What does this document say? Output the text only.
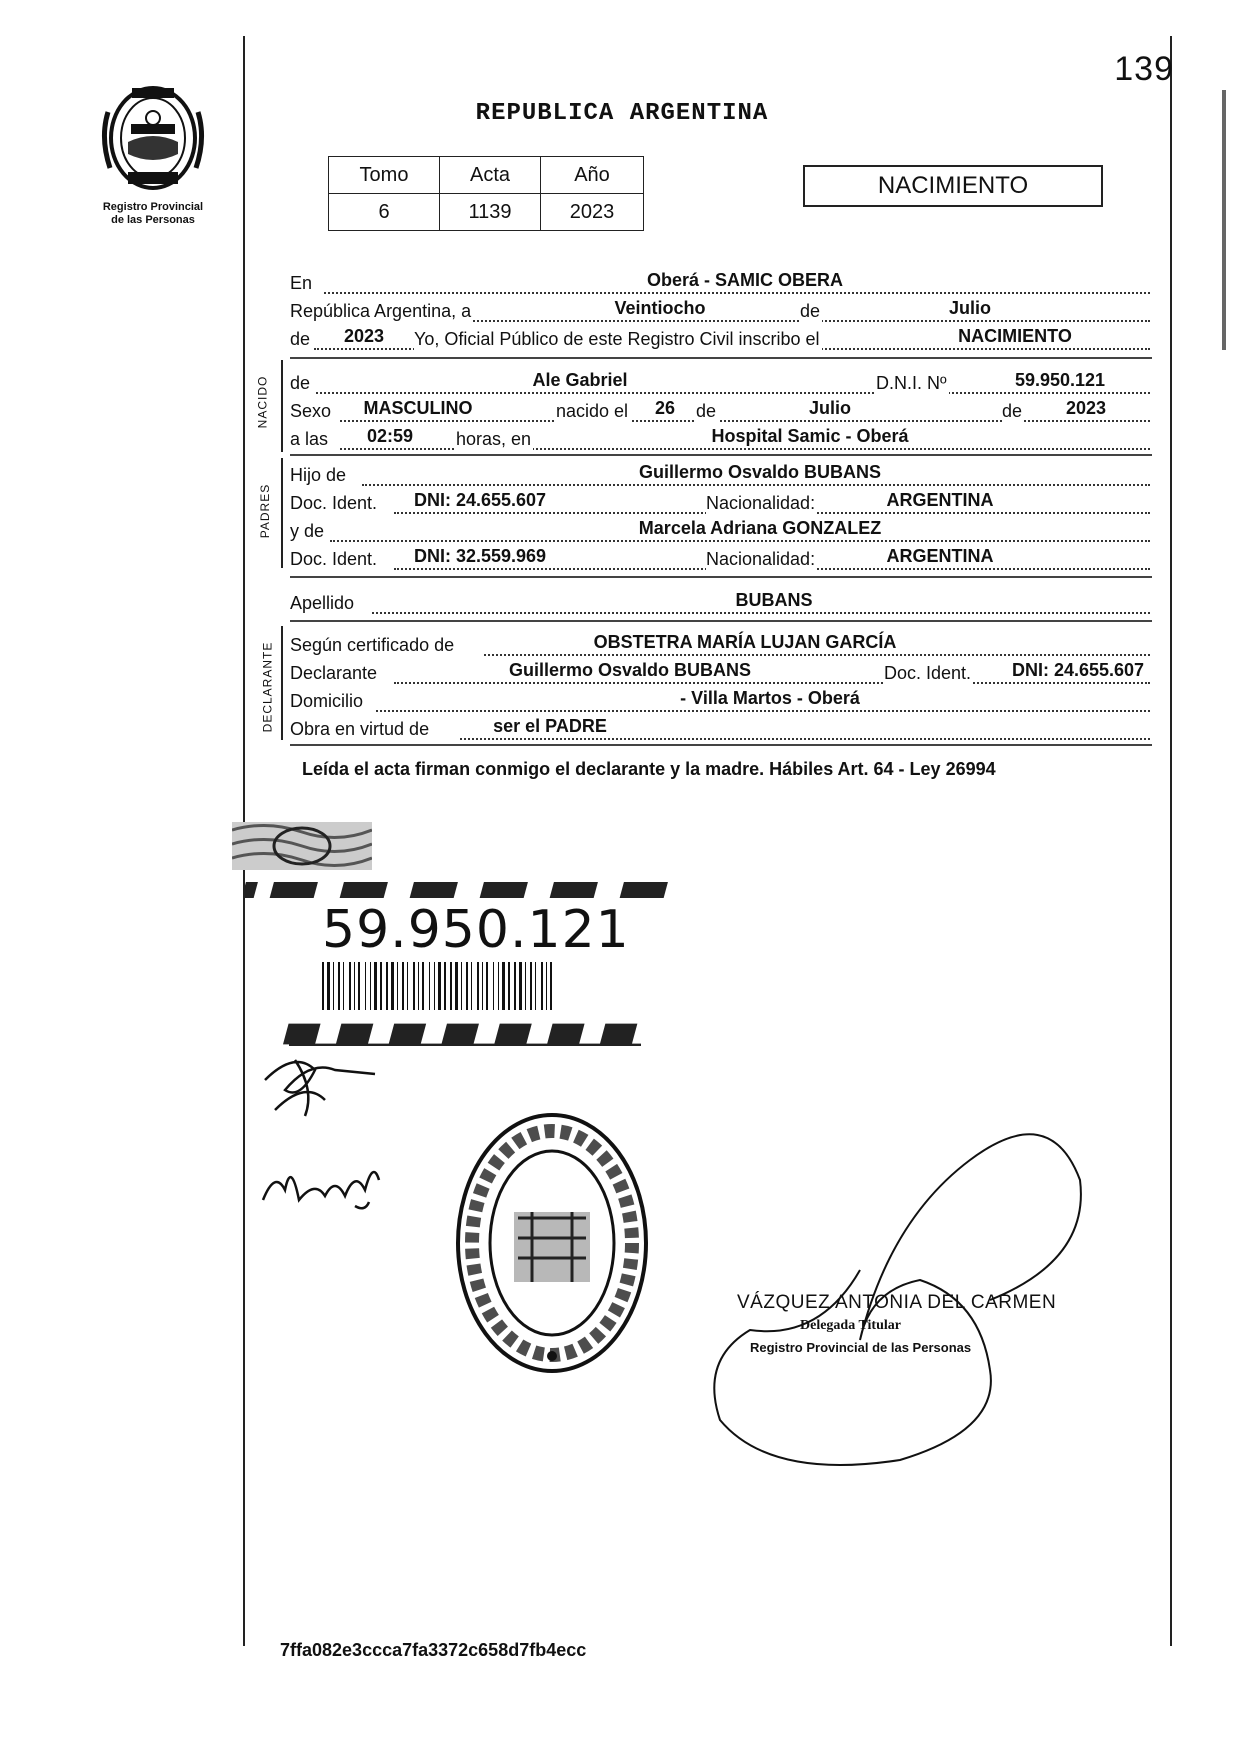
139
Registro Provincial
de las Personas
REPUBLICA ARGENTINA
Tomo	Acta	Año
6	1139	2023
NACIMIENTO
En	Oberá - SAMIC OBERA
República Argentina, a	Veintiocho	de	Julio
de 2023 Yo, Oficial Público de este Registro Civil inscribo el	NACIMIENTO
NACIDO de	Ale Gabriel	D.N.I. Nº	59.950.121
Sexo MASCULINO	nacido el 26 de	Julio	de 2023
a las 02:59 horas, en	Hospital Samic - Oberá
PADRES
Hijo de	Guillermo Osvaldo BUBANS
Doc. Ident. DNI: 24.655.607	Nacionalidad:	ARGENTINA
y de	Marcela Adriana GONZALEZ
Doc. Ident. DNI: 32.559.969	Nacionalidad:	ARGENTINA
Apellido	BUBANS
DECLARANTE Según certificado de	OBSTETRA MARÍA LUJAN GARCÍA
Declarante	Guillermo Osvaldo BUBANS	Doc. Ident. DNI: 24.655.607
Domicilio	- Villa Martos - Oberá
Obra en virtud de	ser el PADRE
Leída el acta firman conmigo el declarante y la madre. Hábiles Art. 64 - Ley 26994
59.950.121
VÁZQUEZ ANTONIA DEL CARMEN
Delegada Titular
Registro Provincial de las Personas
7ffa082e3ccca7fa3372c658d7fb4ecc
